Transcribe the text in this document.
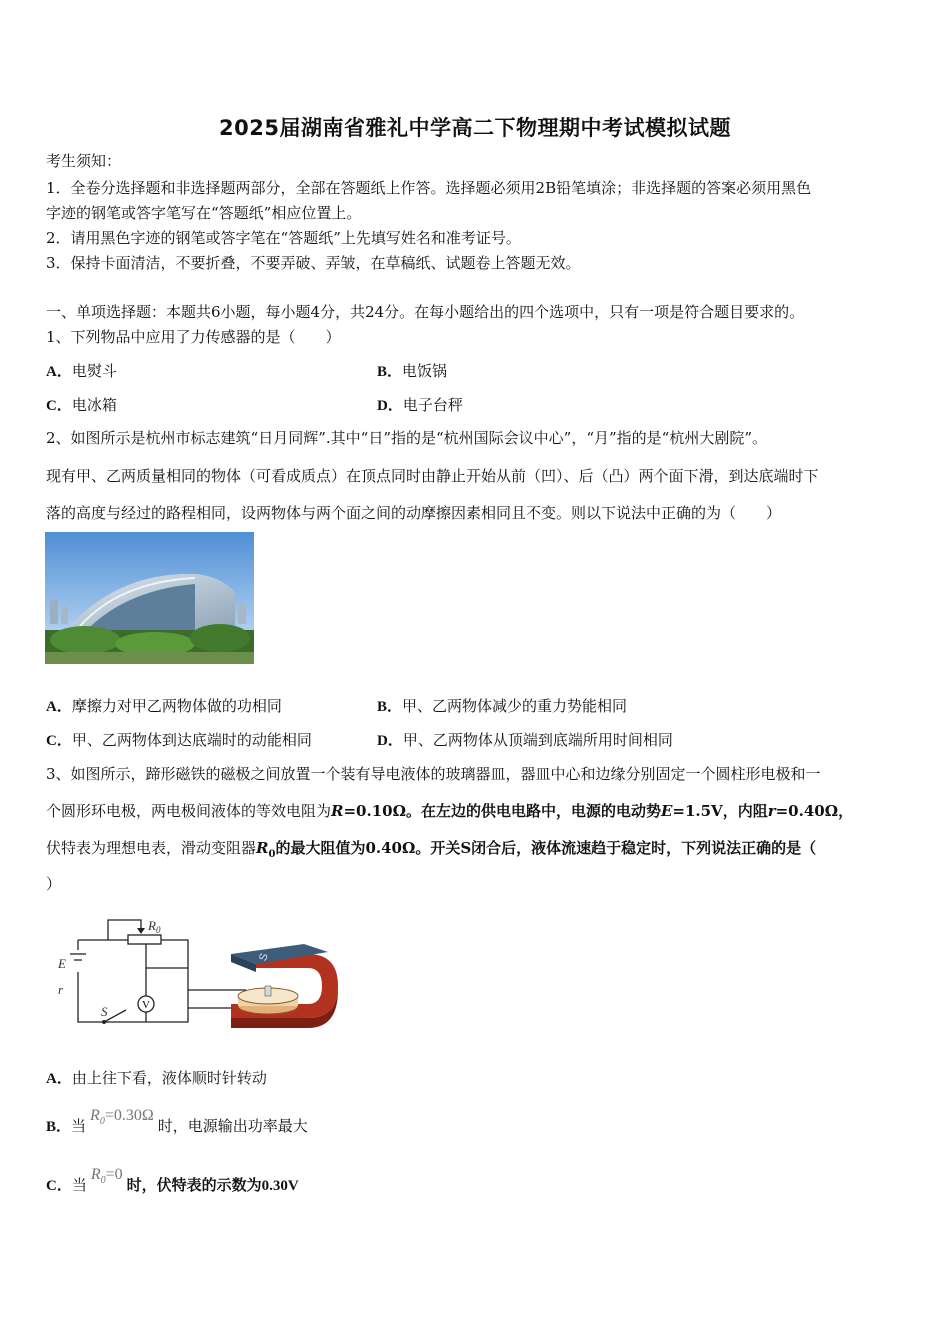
2025届湖南省雅礼中学高二下物理期中考试模拟试题
考生须知：
1．全卷分选择题和非选择题两部分，全部在答题纸上作答。选择题必须用2B铅笔填涂；非选择题的答案必须用黑色
字迹的钢笔或答字笔写在“答题纸”相应位置上。
2．请用黑色字迹的钢笔或答字笔在“答题纸”上先填写姓名和准考证号。
3．保持卡面清洁，不要折叠，不要弄破、弄皱，在草稿纸、试题卷上答题无效。
一、单项选择题：本题共6小题，每小题4分，共24分。在每小题给出的四个选项中，只有一项是符合题目要求的。
1、下列物品中应用了力传感器的是（　　）
A．电熨斗	B．电饭锅
C．电冰箱	D．电子台秤
2、如图所示是杭州市标志建筑“日月同辉”.其中“日”指的是“杭州国际会议中心”，“月”指的是“杭州大剧院”。
现有甲、乙两质量相同的物体（可看成质点）在顶点同时由静止开始从前（凹）、后（凸）两个面下滑，到达底端时下
落的高度与经过的路程相同，设两物体与两个面之间的动摩擦因素相同且不变。则以下说法中正确的为（　　）
A．摩擦力对甲乙两物体做的功相同	B．甲、乙两物体减少的重力势能相同
C．甲、乙两物体到达底端时的动能相同	D．甲、乙两物体从顶端到底端所用时间相同
3、如图所示，蹄形磁铁的磁极之间放置一个装有导电液体的玻璃器皿，器皿中心和边缘分别固定一个圆柱形电极和一
个圆形环电极，两电极间液体的等效电阻为R=0.10Ω。在左边的供电电路中，电源的电动势E=1.5V，内阻r=0.40Ω，
伏特表为理想电表，滑动变阻器$R_0$的最大阻值为0.40Ω。开关S闭合后，液体流速趋于稳定时，下列说法正确的是（
）
V
$R_0$
E
r
S
S
A．由上往下看，液体顺时针转动
B．当$R_0=0.30\Omega$时，电源输出功率最大
C．当$R_0=0$时，伏特表的示数为0.30V
